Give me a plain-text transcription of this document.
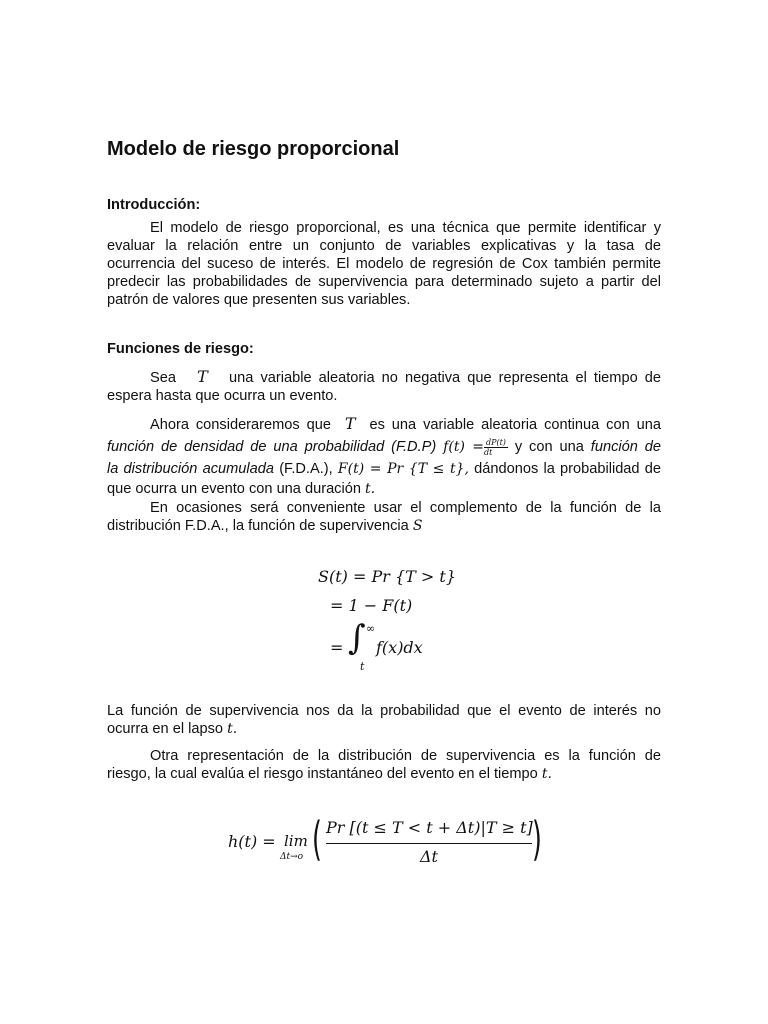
Modelo de riesgo proporcional
Introducción:
El modelo de riesgo proporcional, es una técnica que permite identificar y
evaluar la relación entre un conjunto de variables explicativas y la tasa de
ocurrencia del suceso de interés. El modelo de regresión de Cox también permite
predecir las probabilidades de supervivencia para determinado sujeto a partir del
patrón de valores que presenten sus variables.
Funciones de riesgo:
Sea T una variable aleatoria no negativa que representa el tiempo de
espera hasta que ocurra un evento.
Ahora consideraremos que T es una variable aleatoria continua con una
función de densidad de una probabilidad (F.D.P) $f(t) = \frac{dP(t)}{dt}$ y con una función de
la distribución acumulada (F.D.A.), F(t) = Pr {T ≤ t}, dándonos la probabilidad de
que ocurra un evento con una duración t.
En ocasiones será conveniente usar el complemento de la función de la
distribución F.D.A., la función de supervivencia S
S(t) = Pr {T > t}
= 1 − F(t)
= ∫ ∞
t
f(x)dx
La función de supervivencia nos da la probabilidad que el evento de interés no
ocurra en el lapso t.
Otra representación de la distribución de supervivencia es la función de
riesgo, la cual evalúa el riesgo instantáneo del evento en el tiempo t.
h(t) = lim
Δt→o ( Pr [(t ≤ T < t + Δt)|T ≥ t]
Δt	)
